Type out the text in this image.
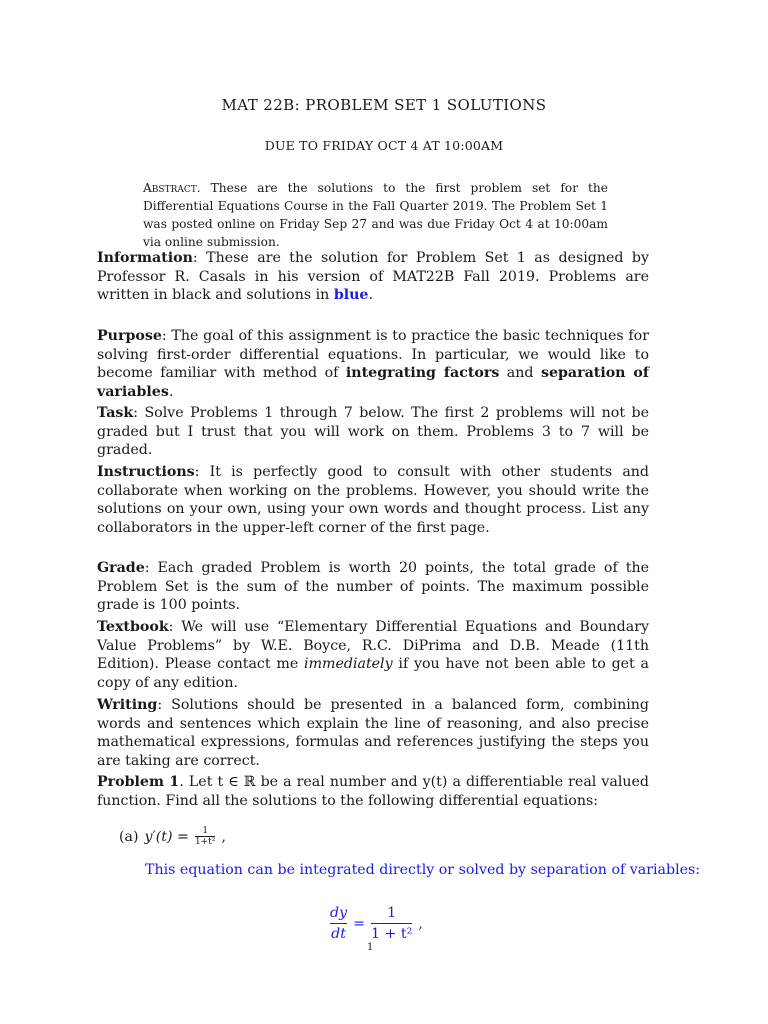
MAT 22B: PROBLEM SET 1 SOLUTIONS
DUE TO FRIDAY OCT 4 AT 10:00AM
Abstract. These are the solutions to the first problem set for the Differential Equations Course in the Fall Quarter 2019. The Problem Set 1 was posted online on Friday Sep 27 and was due Friday Oct 4 at 10:00am via online submission.
Information: These are the solution for Problem Set 1 as designed by Professor R. Casals in his version of MAT22B Fall 2019. Problems are written in black and solutions in blue.
Purpose: The goal of this assignment is to practice the basic techniques for solving first-order differential equations. In particular, we would like to become familiar with method of integrating factors and separation of variables.
Task: Solve Problems 1 through 7 below. The first 2 problems will not be graded but I trust that you will work on them. Problems 3 to 7 will be graded.
Instructions: It is perfectly good to consult with other students and collaborate when working on the problems. However, you should write the solutions on your own, using your own words and thought process. List any collaborators in the upper-left corner of the first page.
Grade: Each graded Problem is worth 20 points, the total grade of the Problem Set is the sum of the number of points. The maximum possible grade is 100 points.
Textbook: We will use “Elementary Differential Equations and Boundary Value Problems” by W.E. Boyce, R.C. DiPrima and D.B. Meade (11th Edition). Please contact me immediately if you have not been able to get a copy of any edition.
Writing: Solutions should be presented in a balanced form, combining words and sentences which explain the line of reasoning, and also precise mathematical expressions, formulas and references justifying the steps you are taking are correct.
Problem 1. Let t ∈ ℝ be a real number and y(t) a differentiable real valued function. Find all the solutions to the following differential equations:
(a) $y'(t) = \frac{1}{\text{1+t²}}$ ,
This equation can be integrated directly or solved by separation of variables:
dy
dt
=
1
1 + t²
,
1
